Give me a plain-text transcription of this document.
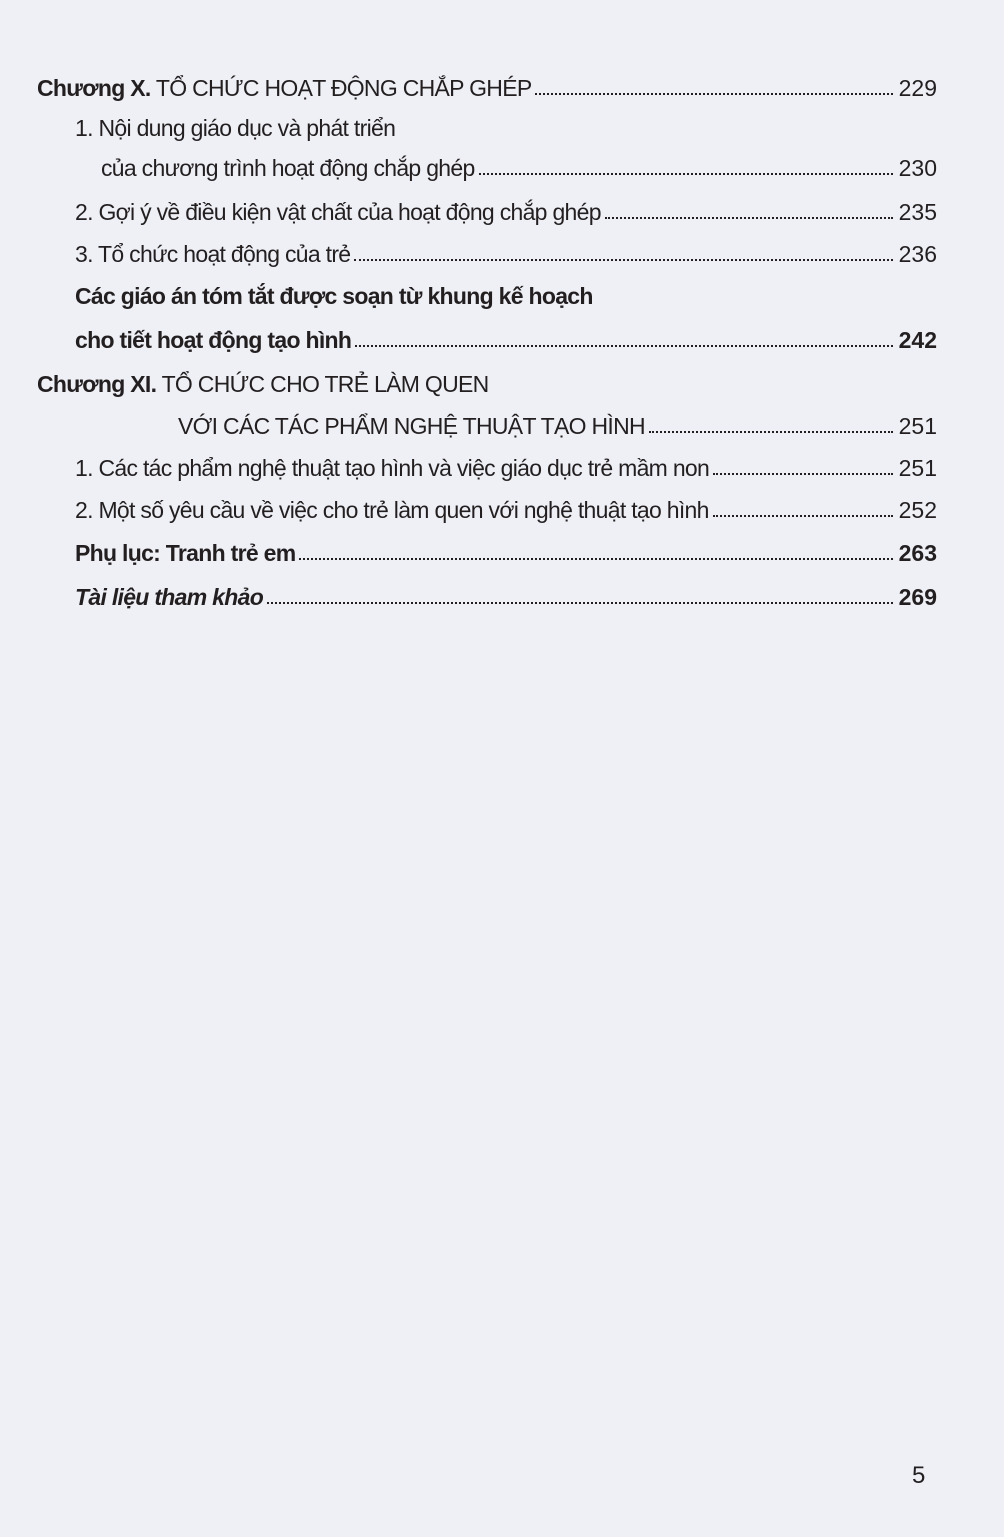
Chương X. TỔ CHỨC HOẠT ĐỘNG CHẮP GHÉP	229
1. Nội dung giáo dục và phát triển
của chương trình hoạt động chắp ghép	230
2. Gợi ý về điều kiện vật chất của hoạt động chắp ghép	235
3. Tổ chức hoạt động của trẻ	236
Các giáo án tóm tắt được soạn từ khung kế hoạch
cho tiết hoạt động tạo hình	242
Chương XI. TỔ CHỨC CHO TRẺ LÀM QUEN
VỚI CÁC TÁC PHẨM NGHỆ THUẬT TẠO HÌNH	251
1. Các tác phẩm nghệ thuật tạo hình và việc giáo dục trẻ mầm non	251
2. Một số yêu cầu về việc cho trẻ làm quen với nghệ thuật tạo hình	252
Phụ lục: Tranh trẻ em	263
Tài liệu tham khảo	269
5
